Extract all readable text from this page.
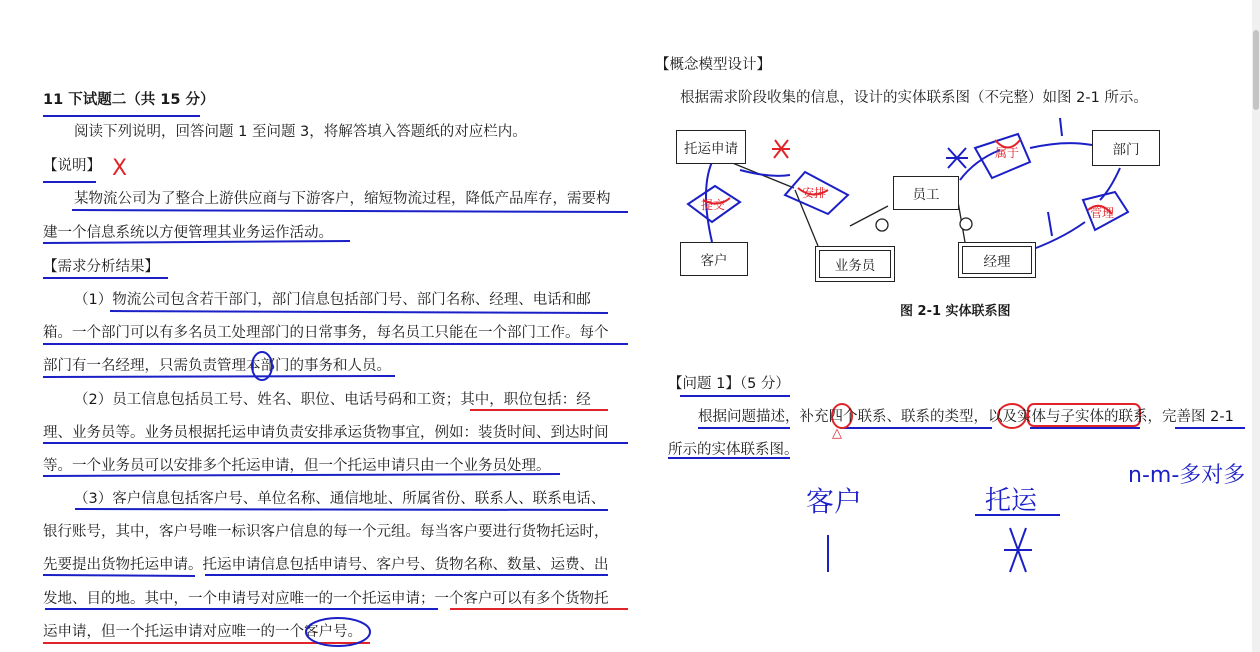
11 下试题二（共 15 分）

阅读下列说明，回答问题 1 至问题 3，将解答填入答题纸的对应栏内。

【说明】

某物流公司为了整合上游供应商与下游客户，缩短物流过程，降低产品库存，需要构

建一个信息系统以方便管理其业务运作活动。

【需求分析结果】

（1）物流公司包含若干部门，部门信息包括部门号、部门名称、经理、电话和邮

箱。一个部门可以有多名员工处理部门的日常事务，每名员工只能在一个部门工作。每个

部门有一名经理，只需负责管理本部门的事务和人员。

（2）员工信息包括员工号、姓名、职位、电话号码和工资；其中，职位包括：经

理、业务员等。业务员根据托运申请负责安排承运货物事宜，例如：装货时间、到达时间

等。一个业务员可以安排多个托运申请，但一个托运申请只由一个业务员处理。

（3）客户信息包括客户号、单位名称、通信地址、所属省份、联系人、联系电话、

银行账号，其中，客户号唯一标识客户信息的每一个元组。每当客户要进行货物托运时，

先要提出货物托运申请。托运申请信息包括申请号、客户号、货物名称、数量、运费、出

发地、目的地。其中，一个申请号对应唯一的一个托运申请；一个客户可以有多个货物托

运申请，但一个托运申请对应唯一的一个客户号。

【概念模型设计】

根据需求阶段收集的信息，设计的实体联系图（不完整）如图 2-1 所示。

托运申请
客户	业务员
员工
经理
部门

图 2-1 实体联系图

【问题 1】（5 分）

根据问题描述，补充四个联系、联系的类型，以及实体与子实体的联系，完善图 2-1

所示的实体联系图。

X
提交
安排
属于
管理
△
客户	托运
n-m-多对多
